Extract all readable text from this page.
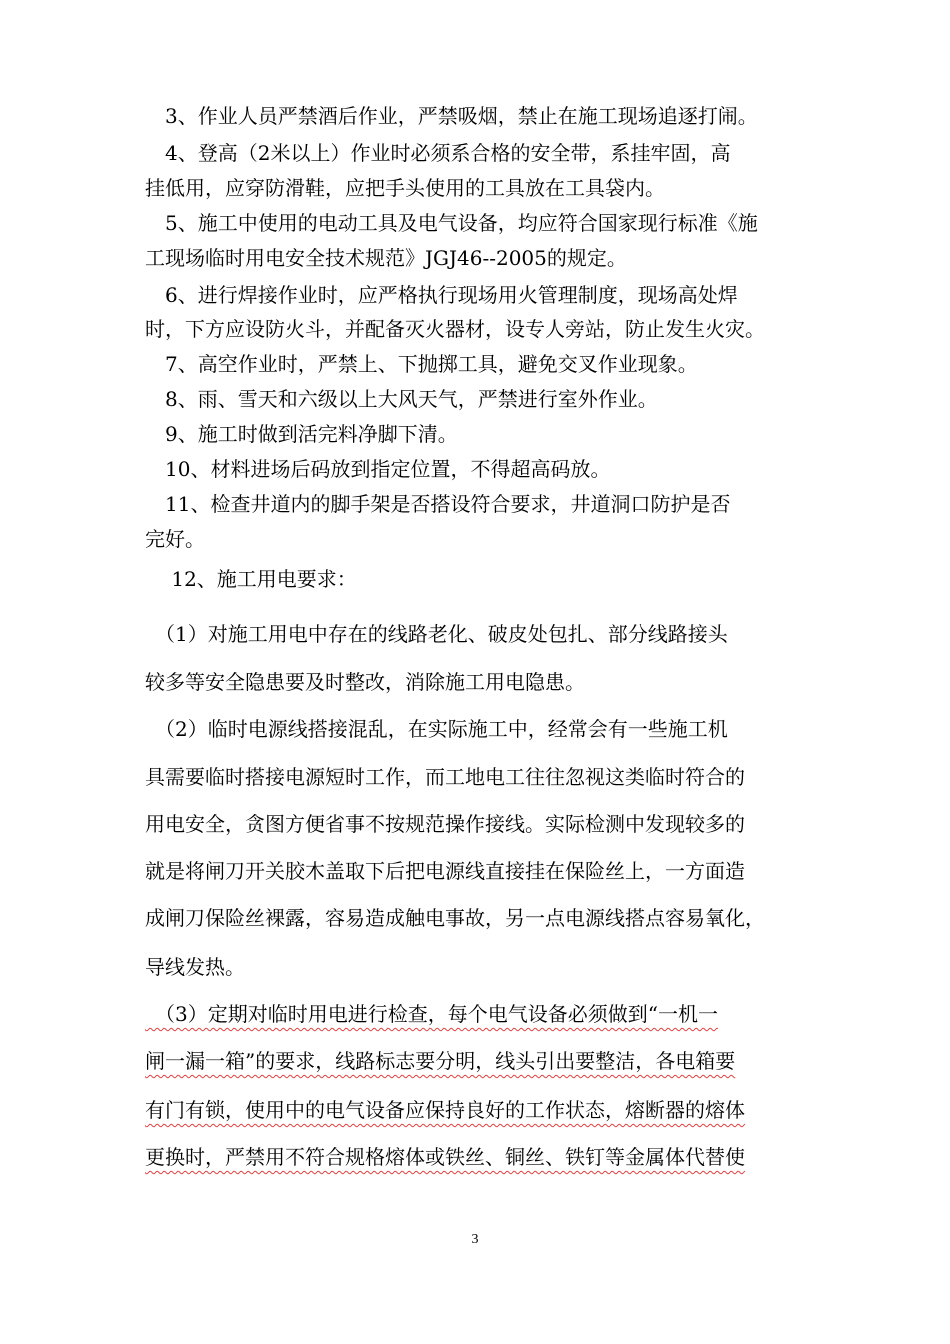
　3、作业人员严禁酒后作业，严禁吸烟，禁止在施工现场追逐打闹。
　4、登高（2米以上）作业时必须系合格的安全带，系挂牢固，高
挂低用，应穿防滑鞋，应把手头使用的工具放在工具袋内。
　5、施工中使用的电动工具及电气设备，均应符合国家现行标准《施
工现场临时用电安全技术规范》JGJ46--2005的规定。
　6、进行焊接作业时，应严格执行现场用火管理制度，现场高处焊
时，下方应设防火斗，并配备灭火器材，设专人旁站，防止发生火灾。
　7、高空作业时，严禁上、下抛掷工具，避免交叉作业现象。
　8、雨、雪天和六级以上大风天气，严禁进行室外作业。
　9、施工时做到活完料净脚下清。
　10、材料进场后码放到指定位置，不得超高码放。
　11、检查井道内的脚手架是否搭设符合要求，井道洞口防护是否
完好。
　 12、施工用电要求：
　（1）对施工用电中存在的线路老化、破皮处包扎、部分线路接头
较多等安全隐患要及时整改，消除施工用电隐患。
　（2）临时电源线搭接混乱，在实际施工中，经常会有一些施工机
具需要临时搭接电源短时工作，而工地电工往往忽视这类临时符合的
用电安全，贪图方便省事不按规范操作接线。实际检测中发现较多的
就是将闸刀开关胶木盖取下后把电源线直接挂在保险丝上，一方面造
成闸刀保险丝裸露，容易造成触电事故，另一点电源线搭点容易氧化，
导线发热。
　（3）定期对临时用电进行检查，每个电气设备必须做到“一机一
闸一漏一箱”的要求，线路标志要分明，线头引出要整洁，各电箱要
有门有锁，使用中的电气设备应保持良好的工作状态，熔断器的熔体
更换时，严禁用不符合规格熔体或铁丝、铜丝、铁钉等金属体代替使
3
